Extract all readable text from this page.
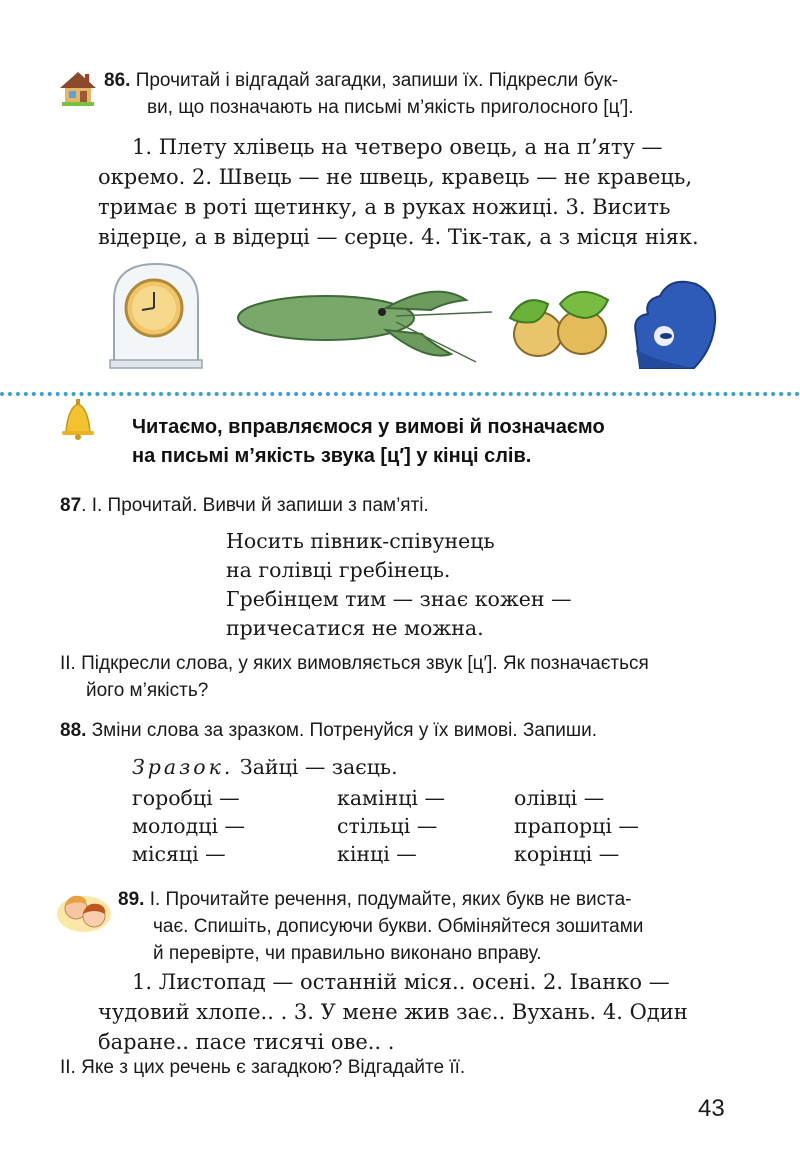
86. Прочитай і відгадай загадки, запиши їх. Підкресли бук-
ви, що позначають на письмі м’якість приголосного [ц′].
1. Плету хлівець на четверо овець, а на п’яту —
окремо. 2. Швець — не швець, кравець — не кравець,
тримає в роті щетинку, а в руках ножиці. 3. Висить
відерце, а в відерці — серце. 4. Тік-так, а з місця ніяк.
Читаємо, вправляємося у вимові й позначаємо
на письмі м’якість звука [ц′] у кінці слів.
87. І. Прочитай. Вивчи й запиши з пам’яті.
Носить півник-співунець
на голівці гребінець.
Гребінцем тим — знає кожен —
причесатися не можна.
ІІ. Підкресли слова, у яких вимовляється звук [ц′]. Як позначається
його м’якість?
88. Зміни слова за зразком. Потренуйся у їх вимові. Запиши.
Зразок. Зайці — заєць.
горобці —	камінці —	олівці —
молодці —	стільці —	прапорці —
місяці —	кінці —	корінці —
89. І. Прочитайте речення, подумайте, яких букв не виста-
чає. Спишіть, дописуючи букви. Обміняйтеся зошитами
й перевірте, чи правильно виконано вправу.
1. Листопад — останній міся.. осені. 2. Іванко —
чудовий хлопе.. . 3. У мене жив зає.. Вухань. 4. Один
бaране.. пасе тисячі ове.. .
ІІ. Яке з цих речень є загадкою? Відгадайте її.
43
